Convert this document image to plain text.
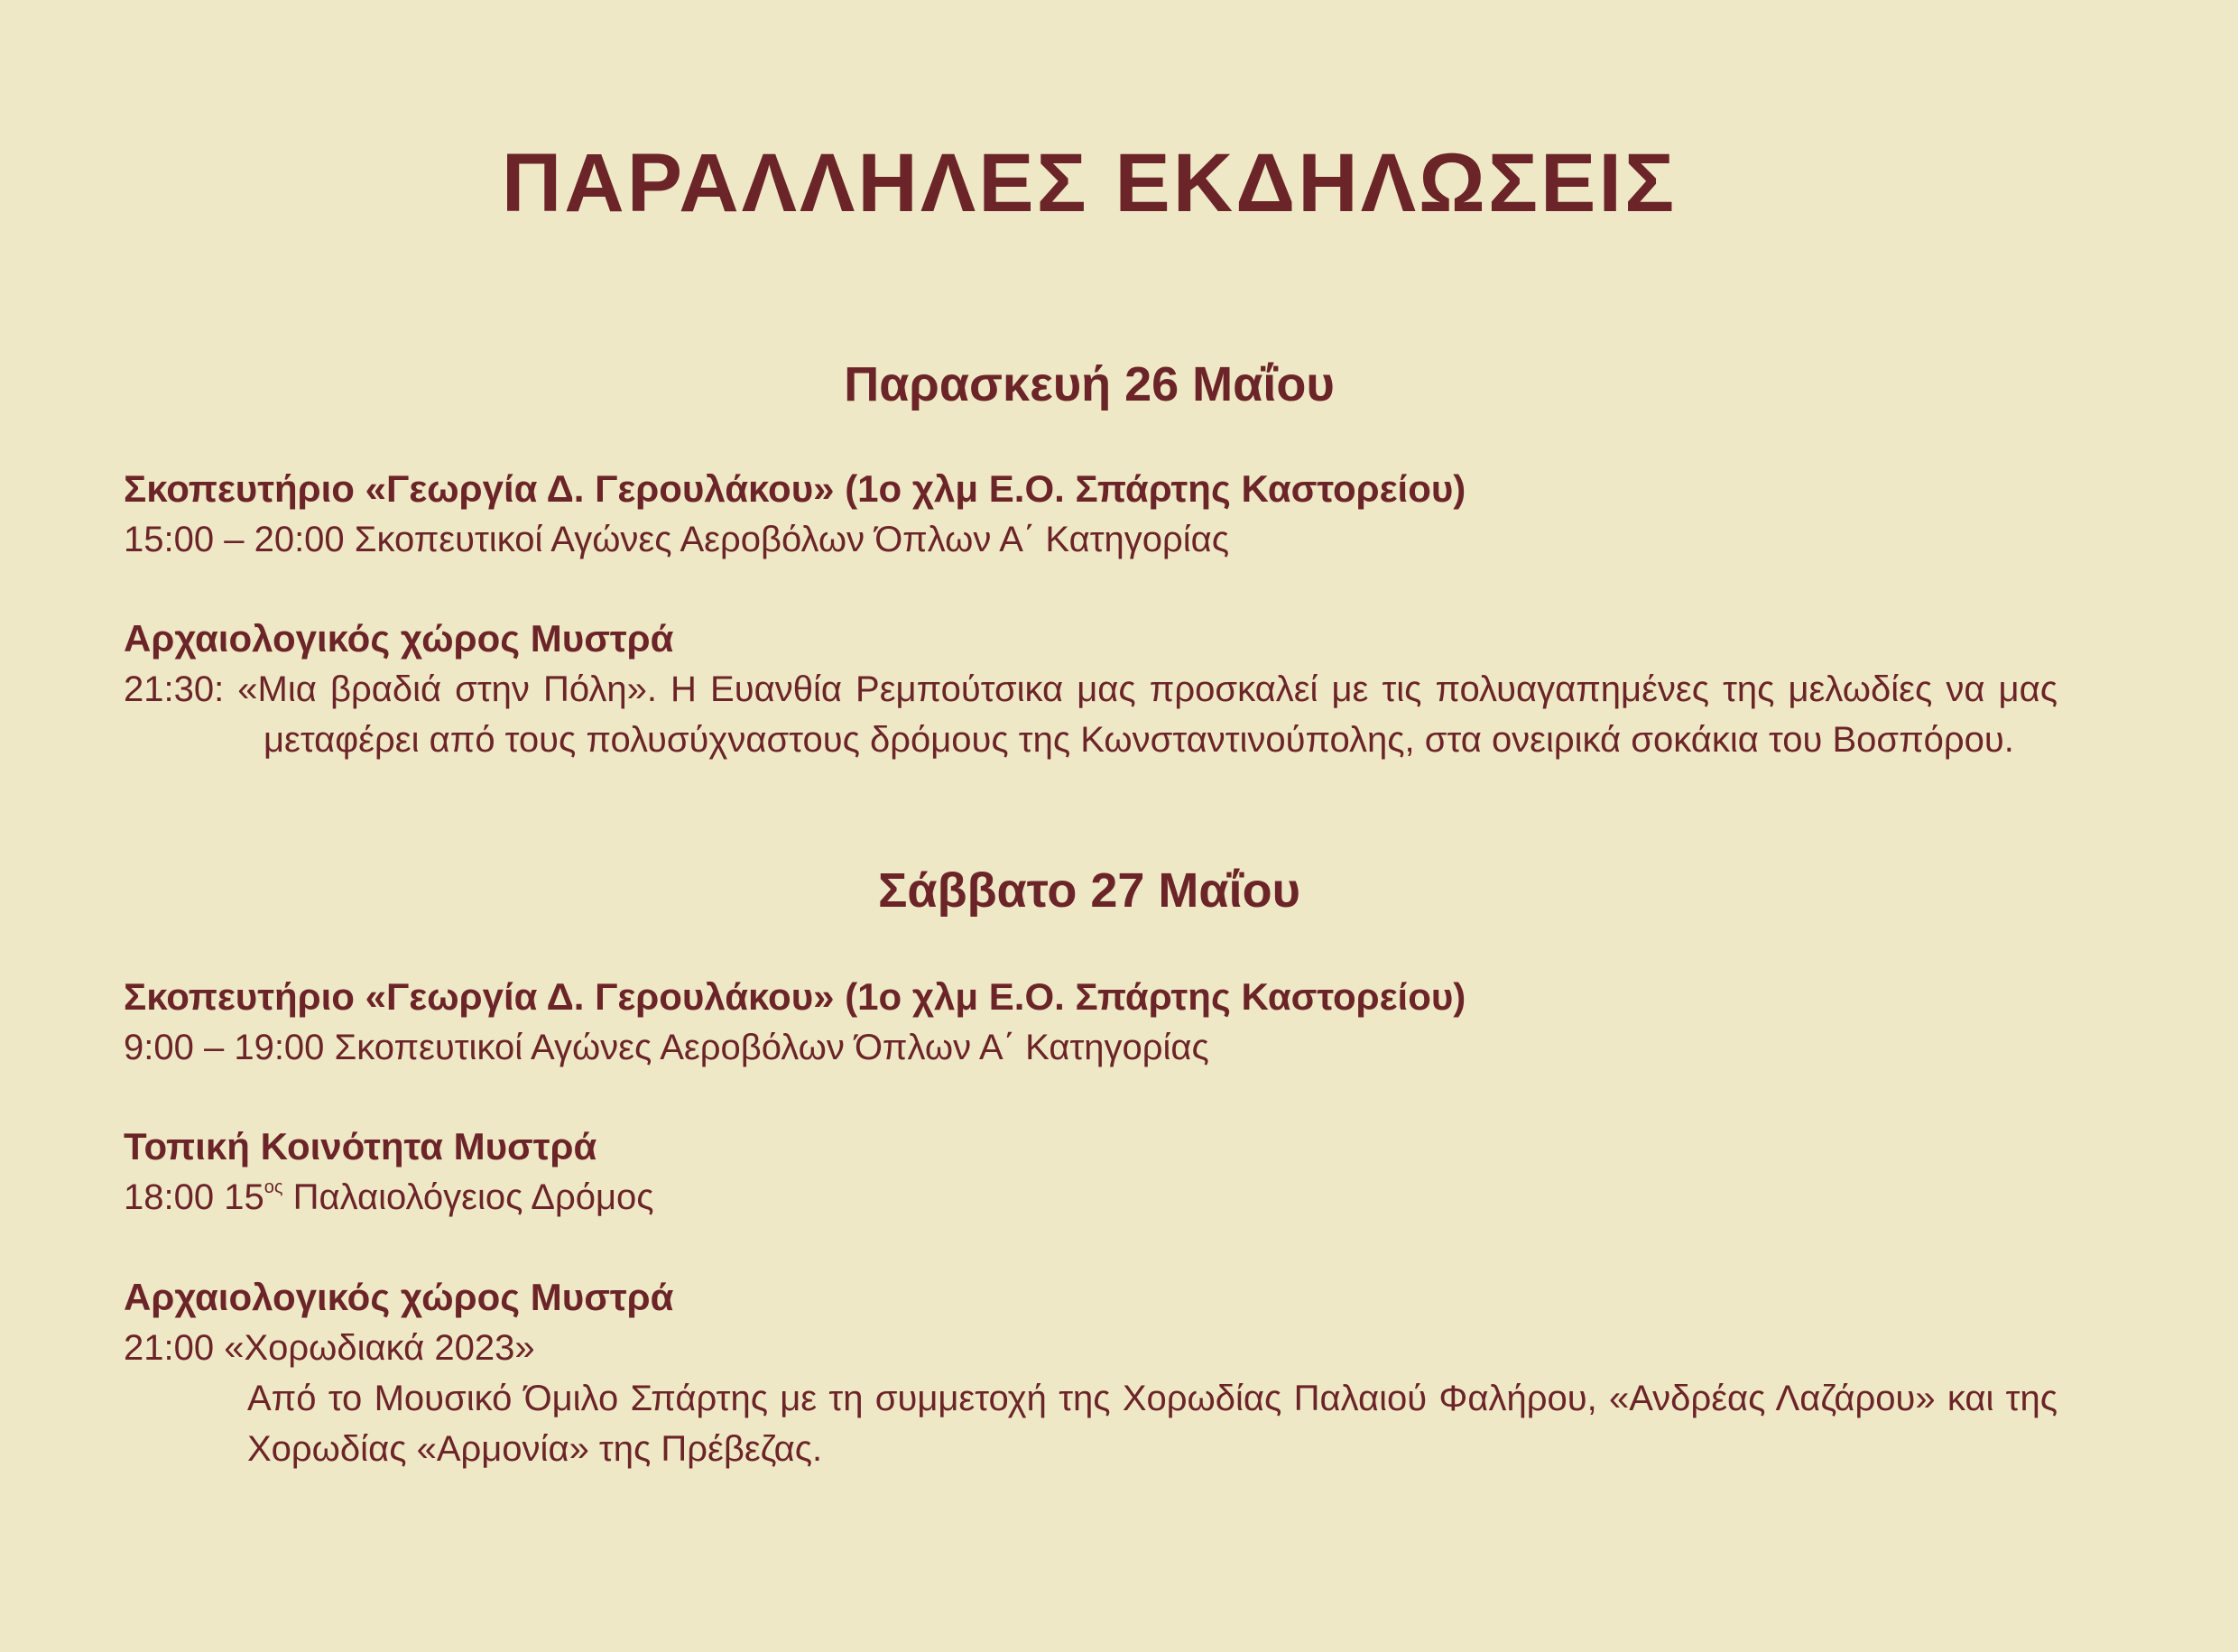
ΠΑΡΑΛΛΗΛΕΣ ΕΚΔΗΛΩΣΕΙΣ
Παρασκευή 26 Μαΐου
Σκοπευτήριο «Γεωργία Δ. Γερουλάκου» (1ο χλμ Ε.Ο. Σπάρτης Καστορείου)
15:00 – 20:00 Σκοπευτικοί Αγώνες Αεροβόλων Όπλων Α΄ Κατηγορίας
Αρχαιολογικός χώρος Μυστρά
21:30: «Μια βραδιά στην Πόλη». Η Ευανθία Ρεμπούτσικα μας προσκαλεί με τις πολυαγαπημένες της μελωδίες να μας μεταφέρει από τους πολυσύχναστους δρόμους της Κωνσταντινούπολης, στα ονειρικά σοκάκια του Βοσπόρου.
Σάββατο 27 Μαΐου
Σκοπευτήριο «Γεωργία Δ. Γερουλάκου» (1ο χλμ Ε.Ο. Σπάρτης Καστορείου)
9:00 – 19:00 Σκοπευτικοί Αγώνες Αεροβόλων Όπλων Α΄ Κατηγορίας
Τοπική Κοινότητα Μυστρά
18:00 $15^{o\varsigma}$ Παλαιολόγειος Δρόμος
Αρχαιολογικός χώρος Μυστρά
21:00 «Χορωδιακά 2023»
Από το Μουσικό Όμιλο Σπάρτης με τη συμμετοχή της Χορωδίας Παλαιού Φαλήρου, «Ανδρέας Λαζάρου» και της Χορωδίας «Αρμονία» της Πρέβεζας.
